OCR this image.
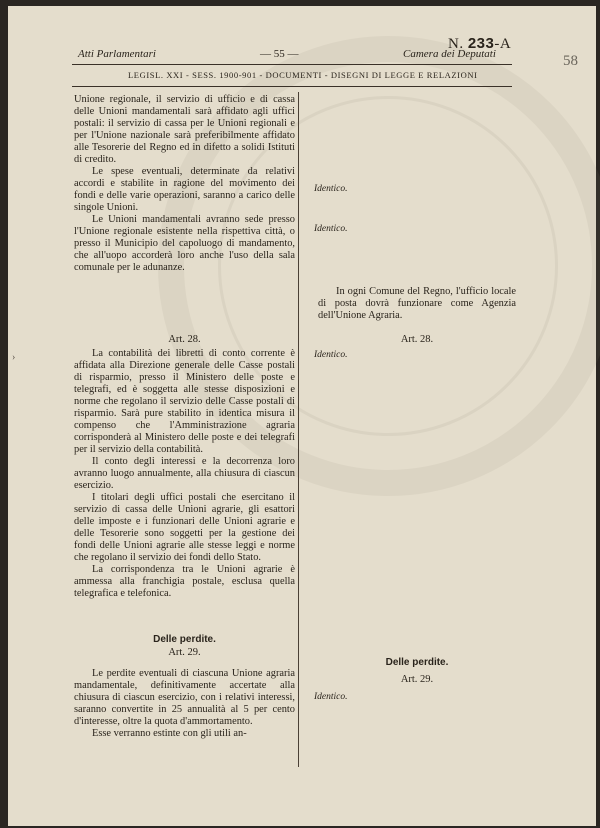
Atti Parlamentari	— 55 —	Camera dei Deputati
N. 233-A
58
LEGISL. XXI - SESS. 1900-901 - DOCUMENTI - DISEGNI DI LEGGE E RELAZIONI
›

Unione regionale, il servizio di ufficio e di cassa delle Unioni mandamentali sarà affidato agli uffici postali: il servizio di cassa per le Unioni regionali e per l'Unione nazionale sarà preferibilmente affidato alle Tesorerie del Regno ed in difetto a solidi Istituti di credito.

Le spese eventuali, determinate da relativi accordi e stabilite in ragione del movimento dei fondi e delle varie operazioni, saranno a carico delle singole Unioni.

Le Unioni mandamentali avranno sede presso l'Unione regionale esistente nella rispettiva città, o presso il Municipio del capoluogo di mandamento, che all'uopo accorderà loro anche l'uso della sala comunale per le adunanze.

Art. 28.

La contabilità dei libretti di conto corrente è affidata alla Direzione generale delle Casse postali di risparmio, presso il Ministero delle poste e telegrafi, ed è soggetta alle stesse disposizioni e norme che regolano il servizio delle Casse postali di risparmio. Sarà pure stabilito in identica misura il compenso che l'Amministrazione agraria corrisponderà al Ministero delle poste e dei telegrafi per il servizio della contabilità.

Il conto degli interessi e la decorrenza loro avranno luogo annualmente, alla chiusura di ciascun esercizio.

I titolari degli uffici postali che esercitano il servizio di cassa delle Unioni agrarie, gli esattori delle imposte e i funzionari delle Unioni agrarie e delle Tesorerie sono soggetti per la gestione dei fondi delle Unioni agrarie alle stesse leggi e norme che regolano il servizio dei fondi dello Stato.

La corrispondenza tra le Unioni agrarie è ammessa alla franchigia postale, esclusa quella telegrafica e telefonica.

Delle perdite.
Art. 29.

Le perdite eventuali di ciascuna Unione agraria mandamentale, definitivamente accertate alla chiusura di ciascun esercizio, con i relativi interessi, saranno convertite in 25 annualità al 5 per cento d'interesse, oltre la quota d'ammortamento.

Esse verranno estinte con gli utili an-

Identico.
Identico.

In ogni Comune del Regno, l'ufficio locale di posta dovrà funzionare come Agenzia dell'Unione Agraria.

Art. 28.
Identico.
Delle perdite.
Art. 29.
Identico.
